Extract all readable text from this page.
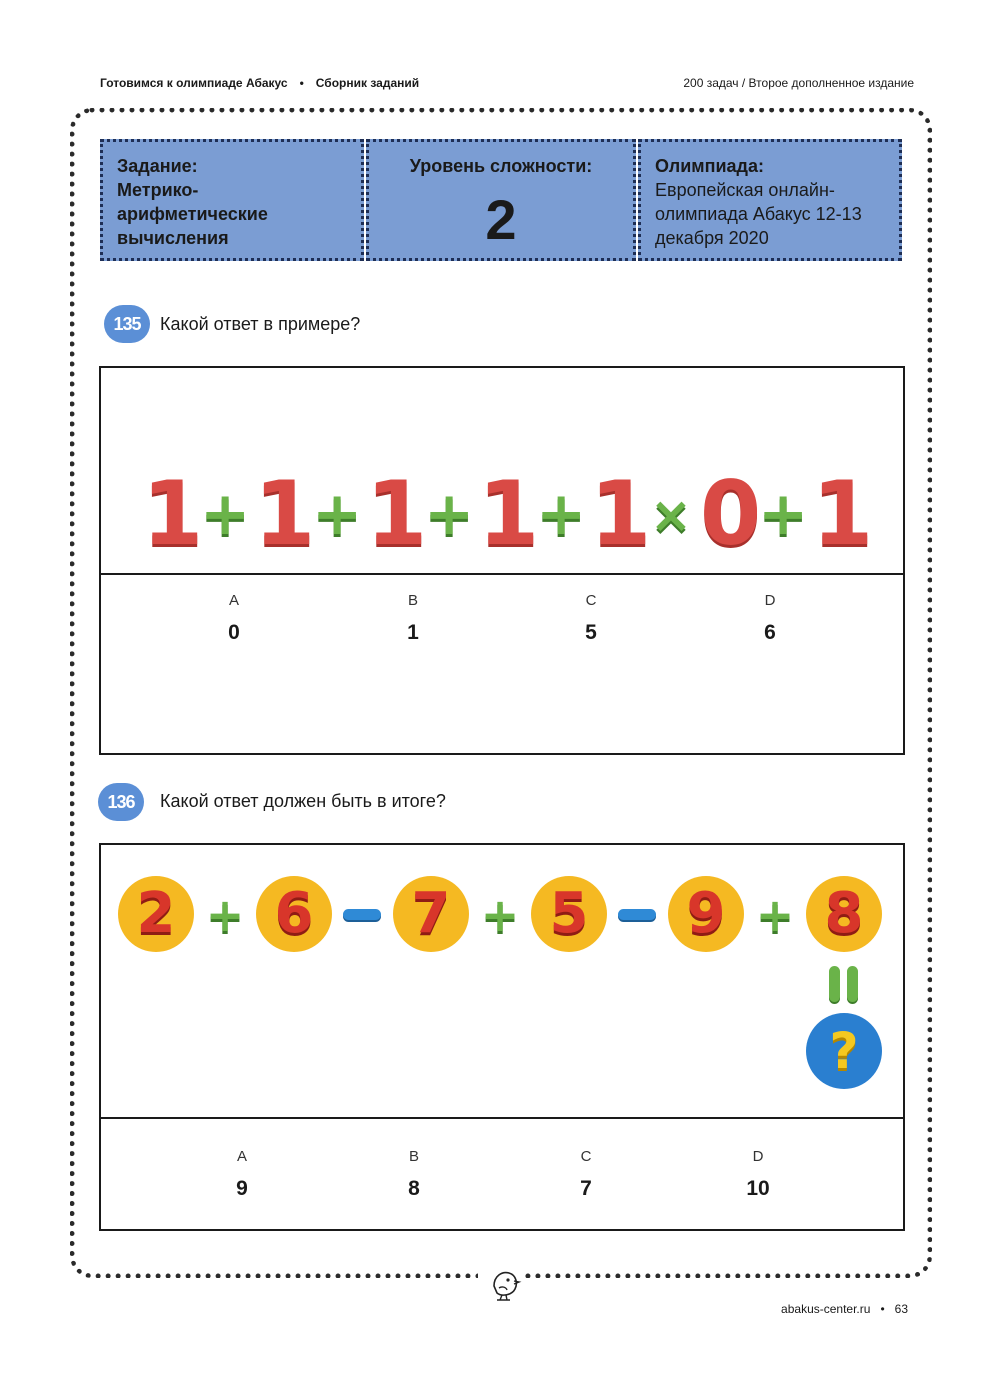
Готовимся к олимпиаде Абакус • Сборник заданий	200 задач / Второе дополненное издание
Задание:
Метрико-арифметические вычисления
Уровень сложности:
2
Олимпиада:
Европейская онлайн-олимпиада Абакус 12-13 декабря 2020
135	Какой ответ в примере?
1
+ 1
+ 1
+ 1
+ 1
× 0
+ 1
A
0
B
1
C
5
D
6
136	Какой ответ должен быть в итоге?
2 + 6 7 + 5 9 + 8
?
A
9
B
8
C
7
D
10
abakus-center.ru • 63
